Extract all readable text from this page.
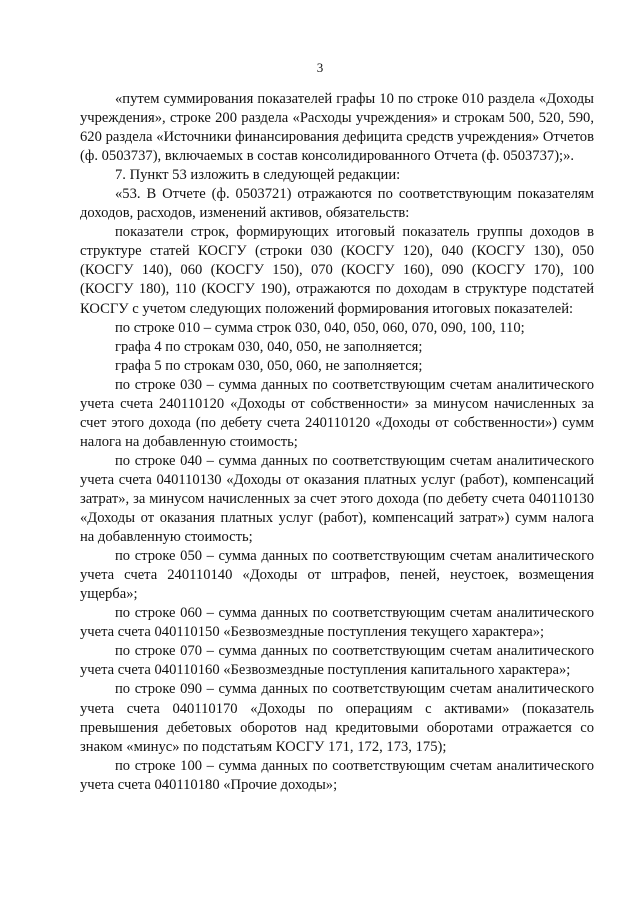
3

«путем суммирования показателей графы 10 по строке 010 раздела «Доходы учреждения», строке 200 раздела «Расходы учреждения» и строкам 500, 520, 590, 620 раздела «Источники финансирования дефицита средств учреждения» Отчетов (ф. 0503737), включаемых в состав консолидированного Отчета (ф. 0503737);».

7. Пункт 53 изложить в следующей редакции:

«53. В Отчете (ф. 0503721) отражаются по соответствующим показателям доходов, расходов, изменений активов, обязательств:

показатели строк, формирующих итоговый показатель группы доходов в структуре статей КОСГУ (строки 030 (КОСГУ 120), 040 (КОСГУ 130), 050 (КОСГУ 140), 060 (КОСГУ 150), 070 (КОСГУ 160), 090 (КОСГУ 170), 100 (КОСГУ 180), 110 (КОСГУ 190), отражаются по доходам в структуре подстатей КОСГУ с учетом следующих положений формирования итоговых показателей:

по строке 010 – сумма строк 030, 040, 050, 060, 070, 090, 100, 110;

графа 4 по строкам 030, 040, 050, не заполняется;

графа 5 по строкам 030, 050, 060, не заполняется;

по строке 030 – сумма данных по соответствующим счетам аналитического учета счета 240110120 «Доходы от собственности» за минусом начисленных за счет этого дохода (по дебету счета 240110120 «Доходы от собственности») сумм налога на добавленную стоимость;

по строке 040 – сумма данных по соответствующим счетам аналитического учета счета 040110130 «Доходы от оказания платных услуг (работ), компенсаций затрат», за минусом начисленных за счет этого дохода (по дебету счета 040110130 «Доходы от оказания платных услуг (работ), компенсаций затрат») сумм налога на добавленную стоимость;

по строке 050 – сумма данных по соответствующим счетам аналитического учета счета 240110140 «Доходы от штрафов, пеней, неустоек, возмещения ущерба»;

по строке 060 – сумма данных по соответствующим счетам аналитического учета счета 040110150 «Безвозмездные поступления текущего характера»;

по строке 070 – сумма данных по соответствующим счетам аналитического учета счета 040110160 «Безвозмездные поступления капитального характера»;

по строке 090 – сумма данных по соответствующим счетам аналитического учета счета 040110170 «Доходы по операциям с активами» (показатель превышения дебетовых оборотов над кредитовыми оборотами отражается со знаком «минус» по подстатьям КОСГУ 171, 172, 173, 175);

по строке 100 – сумма данных по соответствующим счетам аналитического учета счета 040110180 «Прочие доходы»;
